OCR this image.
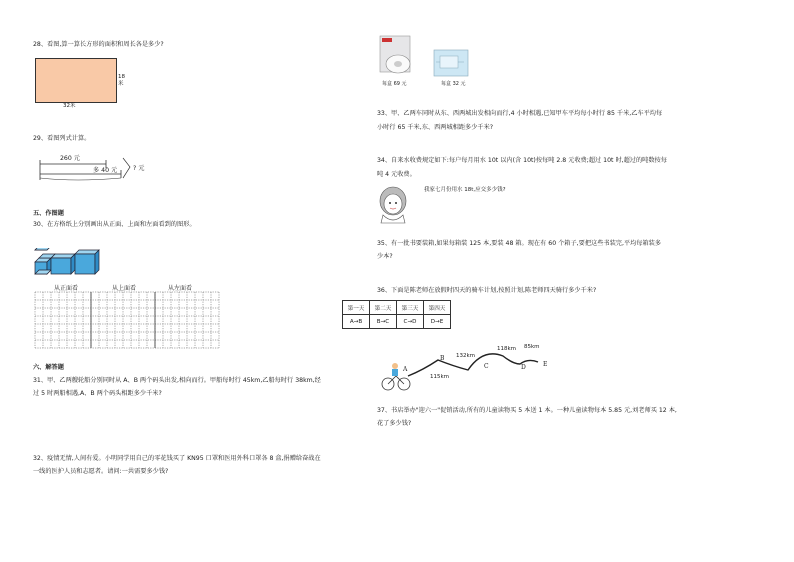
28、看图,算一算长方形的面积和周长各是多少?
18
米
32米
29、看图列式计算。
260 元
多 40 元	? 元
五、作图题
30、在方格纸上分别画出从正面、上面和左面看到的图形。
从正面看	从上面看	从左面看
六、解答题
31、甲、乙两艘轮船分别同时从 A、B 两个码头出发,相向而行。甲船每时行 45km,乙船每时行 38km,经
过 5 时两船相遇,A、B 两个码头相距多少千米?
32、疫情无情,人间有爱。小明同学用自己的零花钱买了 KN95 口罩和医用外科口罩各 8 盒,捐赠给奋战在
一线的医护人员和志愿者。请问:一共需要多少钱?
每盒 69 元	每盒 32 元
33、甲、乙两车同时从东、西两城出发相向而行,4 小时相遇,已知甲车平均每小时行 85 千米,乙车平均每
小时行 65 千米,东、西两城相距多少千米?
34、自来水收费规定如下:每户每月用水 10t 以内(含 10t)按每吨 2.8 元收费;超过 10t 时,超过的吨数按每
吨 4 元收费。
我家七月份用水 18t,应交多少钱?
35、有一批书要装箱,如果每箱装 125 本,要装 48 箱。现在有 60 个箱子,要把这些书装完,平均每箱装多
少本?
36、下面是陈老师在放假时四天的骑车计划,按照计划,陈老师四天骑行多少千米?
第一天	第二天	第三天	第四天
A→B	B→C	C→D	D→E
A
B
C	D	E
115km
132km
118km 85km
37、书店举办"迎六一"促销活动,所有的儿童读物买 5 本送 1 本。一种儿童读物每本 5.85 元,刘老师买 12 本,
花了多少钱?
